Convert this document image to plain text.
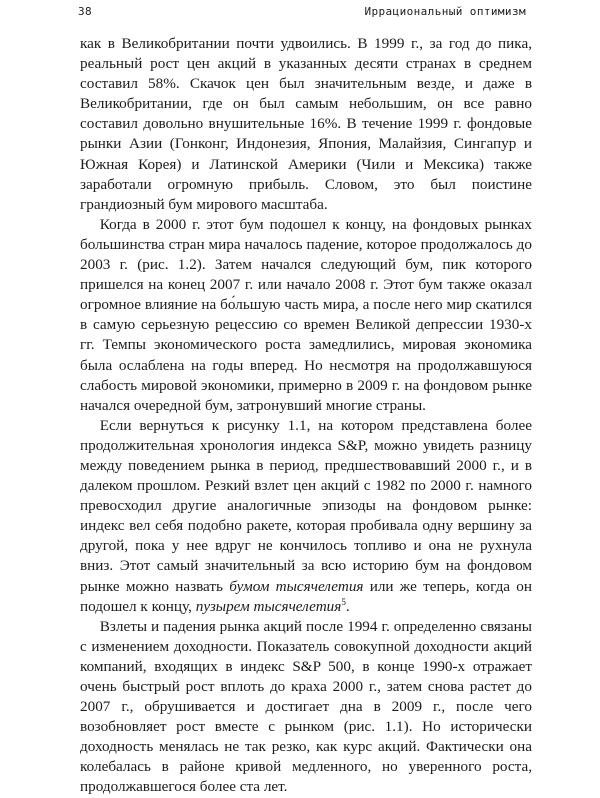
38	Иррациональный оптимизм

как в Великобритании почти удвоились. В 1999 г., за год до пика, реальный рост цен акций в указанных десяти странах в среднем составил 58%. Скачок цен был значительным везде, и даже в Великобритании, где он был самым небольшим, он все равно составил довольно внушительные 16%. В течение 1999 г. фондовые рынки Азии (Гонконг, Индонезия, Япония, Малайзия, Сингапур и Южная Корея) и Латинской Америки (Чили и Мексика) также заработали огромную прибыль. Словом, это был поистине грандиозный бум мирового масштаба.

Когда в 2000 г. этот бум подошел к концу, на фондовых рынках большинства стран мира началось падение, которое продолжалось до 2003 г. (рис. 1.2). Затем начался следующий бум, пик которого пришелся на конец 2007 г. или начало 2008 г. Этот бум также оказал огромное влияние на бо́льшую часть мира, а после него мир скатился в самую серьезную рецессию со времен Великой депрессии 1930-х гг. Темпы экономического роста замедлились, мировая экономика была ослаблена на годы вперед. Но несмотря на продолжавшуюся слабость мировой экономики, примерно в 2009 г. на фондовом рынке начался очередной бум, затронувший многие страны.

Если вернуться к рисунку 1.1, на котором представлена более продолжительная хронология индекса S&P, можно увидеть разницу между поведением рынка в период, предшествовавший 2000 г., и в далеком прошлом. Резкий взлет цен акций с 1982 по 2000 г. намного превосходил другие аналогичные эпизоды на фондовом рынке: индекс вел себя подобно ракете, которая пробивала одну вершину за другой, пока у нее вдруг не кончилось топливо и она не рухнула вниз. Этот самый значительный за всю историю бум на фондовом рынке можно назвать бумом тысячелетия или же теперь, когда он подошел к концу, пузырем тысячелетия$^5$.

Взлеты и падения рынка акций после 1994 г. определенно связаны с изменением доходности. Показатель совокупной доходности акций компаний, входящих в индекс S&P 500, в конце 1990-х отражает очень быстрый рост вплоть до краха 2000 г., затем снова растет до 2007 г., обрушивается и достигает дна в 2009 г., после чего возобновляет рост вместе с рынком (рис. 1.1). Но исторически доходность менялась не так резко, как курс акций. Фактически она колебалась в районе кривой медленного, но уверенного роста, продолжавшегося более ста лет.
